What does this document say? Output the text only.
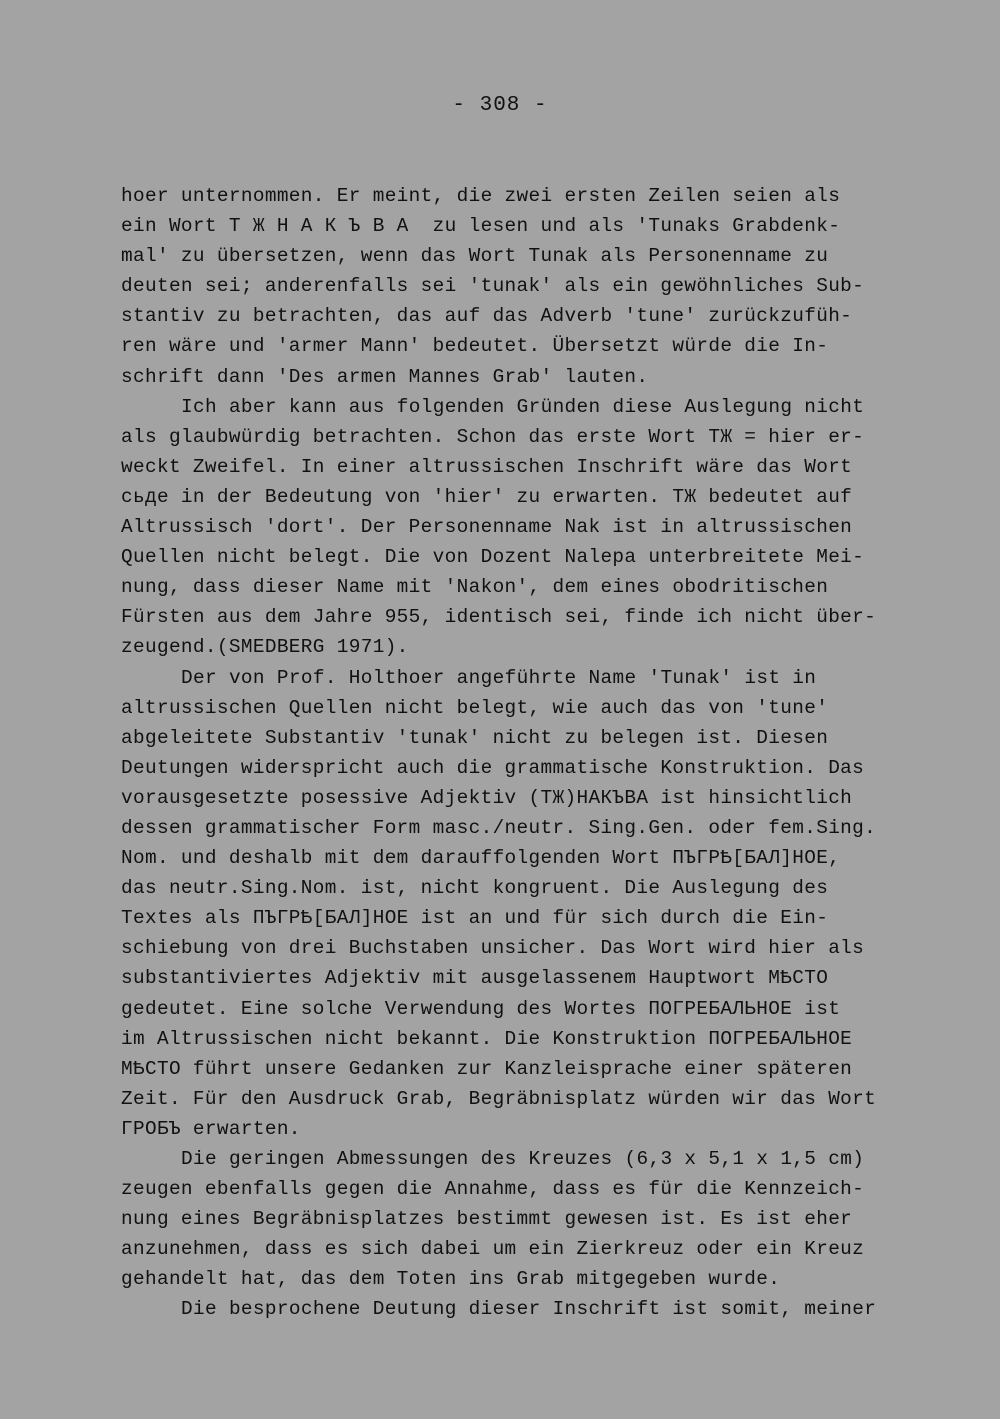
- 308 -
hoer unternommen. Er meint, die zwei ersten Zeilen seien als
ein Wort Т Ж Н А К Ъ В А  zu lesen und als 'Tunaks Grabdenk-
mal' zu übersetzen, wenn das Wort Tunak als Personenname zu
deuten sei; anderenfalls sei 'tunak' als ein gewöhnliches Sub-
stantiv zu betrachten, das auf das Adverb 'tune' zurückzufüh-
ren wäre und 'armer Mann' bedeutet. Übersetzt würde die In-
schrift dann 'Des armen Mannes Grab' lauten.
Ich aber kann aus folgenden Gründen diese Auslegung nicht
als glaubwürdig betrachten. Schon das erste Wort ТЖ = hier er-
weckt Zweifel. In einer altrussischen Inschrift wäre das Wort
сьде in der Bedeutung von 'hier' zu erwarten. ТЖ bedeutet auf
Altrussisch 'dort'. Der Personenname Nak ist in altrussischen
Quellen nicht belegt. Die von Dozent Nalepa unterbreitete Mei-
nung, dass dieser Name mit 'Nakon', dem eines obodritischen
Fürsten aus dem Jahre 955, identisch sei, finde ich nicht über-
zeugend.(SMEDBERG 1971).
Der von Prof. Holthoer angeführte Name 'Tunak' ist in
altrussischen Quellen nicht belegt, wie auch das von 'tune'
abgeleitete Substantiv 'tunak' nicht zu belegen ist. Diesen
Deutungen widerspricht auch die grammatische Konstruktion. Das
vorausgesetzte posessive Adjektiv (ТЖ)НАКЪВА ist hinsichtlich
dessen grammatischer Form masc./neutr. Sing.Gen. oder fem.Sing.
Nom. und deshalb mit dem darauffolgenden Wort ПЪГРѢ[БАЛ]НОЕ,
das neutr.Sing.Nom. ist, nicht kongruent. Die Auslegung des
Textes als ПЪГРѢ[БАЛ]НОЕ ist an und für sich durch die Ein-
schiebung von drei Buchstaben unsicher. Das Wort wird hier als
substantiviertes Adjektiv mit ausgelassenem Hauptwort МѢСТО
gedeutet. Eine solche Verwendung des Wortes ПОГРЕБАЛЬНОЕ ist
im Altrussischen nicht bekannt. Die Konstruktion ПОГРЕБАЛЬНОЕ
МѢСТО führt unsere Gedanken zur Kanzleisprache einer späteren
Zeit. Für den Ausdruck Grab, Begräbnisplatz würden wir das Wort
ГРОБЪ erwarten.
Die geringen Abmessungen des Kreuzes (6,3 x 5,1 x 1,5 cm)
zeugen ebenfalls gegen die Annahme, dass es für die Kennzeich-
nung eines Begräbnisplatzes bestimmt gewesen ist. Es ist eher
anzunehmen, dass es sich dabei um ein Zierkreuz oder ein Kreuz
gehandelt hat, das dem Toten ins Grab mitgegeben wurde.
Die besprochene Deutung dieser Inschrift ist somit, meiner
